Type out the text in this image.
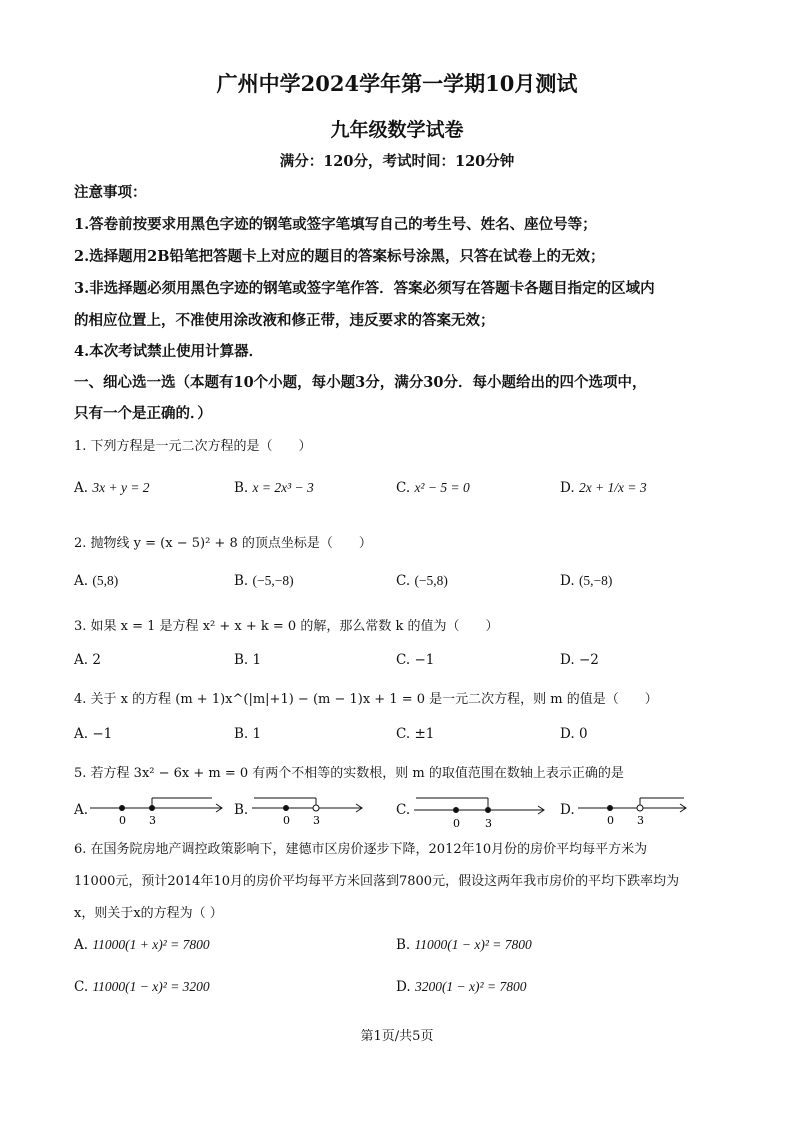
广州中学2024学年第一学期10月测试
九年级数学试卷
满分：120分，考试时间：120分钟
注意事项：
1.答卷前按要求用黑色字迹的钢笔或签字笔填写自己的考生号、姓名、座位号等；
2.选择题用2B铅笔把答题卡上对应的题目的答案标号涂黑，只答在试卷上的无效；
3.非选择题必须用黑色字迹的钢笔或签字笔作答．答案必须写在答题卡各题目指定的区域内
的相应位置上，不准使用涂改液和修正带，违反要求的答案无效；
4.本次考试禁止使用计算器．
一、细心选一选（本题有10个小题，每小题3分，满分30分．每小题给出的四个选项中，
只有一个是正确的．）
1. 下列方程是一元二次方程的是（　　）
A. 3x + y = 2	B. x = 2x³ − 3	C. x² − 5 = 0	D. 2x + 1/x = 3
2. 抛物线 y = (x − 5)² + 8 的顶点坐标是（　　）
A. (5,8)	B. (−5,−8)	C. (−5,8)	D. (5,−8)
3. 如果 x = 1 是方程 x² + x + k = 0 的解，那么常数 k 的值为（　　）
A. 2	B. 1	C. −1	D. −2
4. 关于 x 的方程 (m + 1)x^(|m|+1) − (m − 1)x + 1 = 0 是一元二次方程，则 m 的值是（　　）
A. −1	B. 1	C. ±1	D. 0
5. 若方程 3x² − 6x + m = 0 有两个不相等的实数根，则 m 的取值范围在数轴上表示正确的是
A.
0 3
B.
0 3
C.
0 3
D.
0 3
6. 在国务院房地产调控政策影响下，建德市区房价逐步下降，2012年10月份的房价平均每平方米为
11000元，预计2014年10月的房价平均每平方米回落到7800元，假设这两年我市房价的平均下跌率均为
x，则关于x的方程为（ ）
A. 11000(1 + x)² = 7800	B. 11000(1 − x)² = 7800
C. 11000(1 − x)² = 3200	D. 3200(1 − x)² = 7800
第1页/共5页
